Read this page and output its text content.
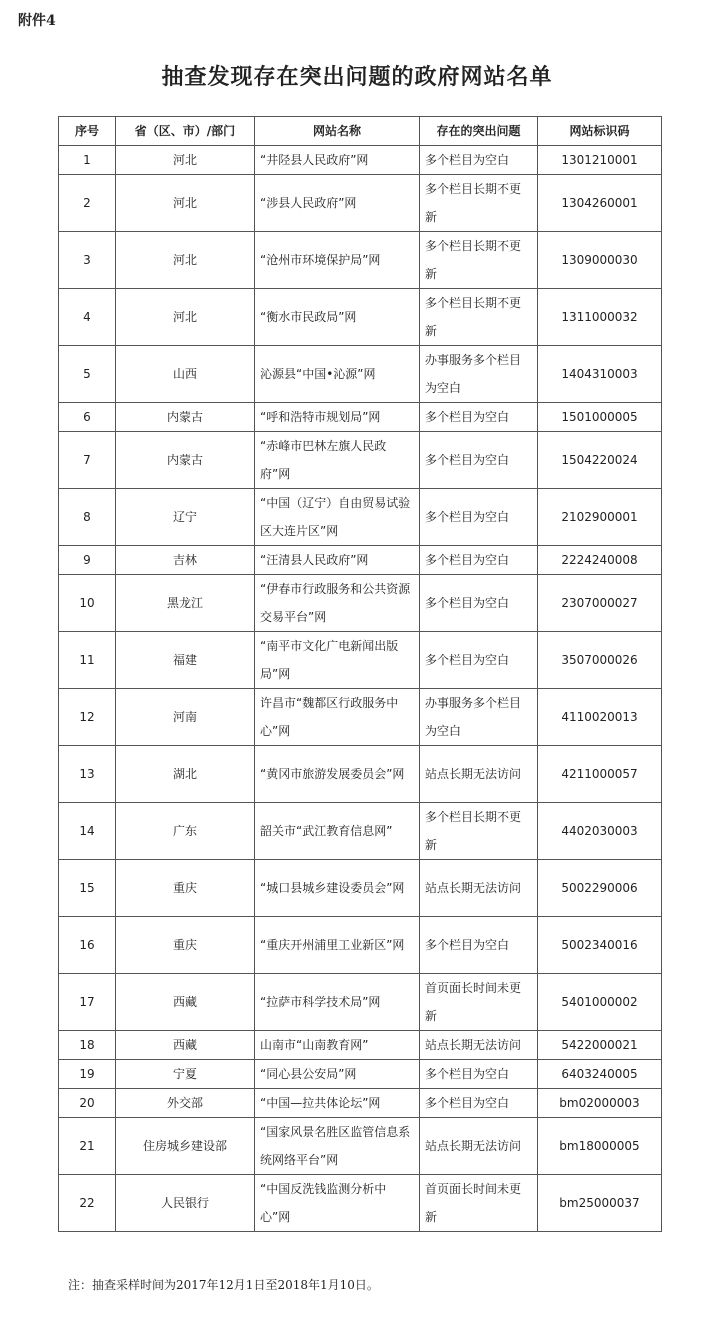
附件4
抽查发现存在突出问题的政府网站名单
序号	省（区、市）/部门	网站名称	存在的突出问题	网站标识码
1	河北	“井陉县人民政府”网	多个栏目为空白	1301210001
2	河北	“涉县人民政府”网	多个栏目长期不更新	1304260001
3	河北	“沧州市环境保护局”网	多个栏目长期不更新	1309000030
4	河北	“衡水市民政局”网	多个栏目长期不更新	1311000032
5	山西	沁源县“中国•沁源”网	办事服务多个栏目为空白	1404310003
6	内蒙古	“呼和浩特市规划局”网	多个栏目为空白	1501000005
7	内蒙古	“赤峰市巴林左旗人民政府”网	多个栏目为空白	1504220024
8	辽宁	“中国（辽宁）自由贸易试验区大连片区”网	多个栏目为空白	2102900001
9	吉林	“汪清县人民政府”网	多个栏目为空白	2224240008
10	黑龙江	“伊春市行政服务和公共资源交易平台”网	多个栏目为空白	2307000027
11	福建	“南平市文化广电新闻出版局”网	多个栏目为空白	3507000026
12	河南	许昌市“魏都区行政服务中心”网	办事服务多个栏目为空白	4110020013
13	湖北	“黄冈市旅游发展委员会”网	站点长期无法访问	4211000057
14	广东	韶关市“武江教育信息网”	多个栏目长期不更新	4402030003
15	重庆	“城口县城乡建设委员会”网	站点长期无法访问	5002290006
16	重庆	“重庆开州浦里工业新区”网	多个栏目为空白	5002340016
17	西藏	“拉萨市科学技术局”网	首页面长时间未更新	5401000002
18	西藏	山南市“山南教育网”	站点长期无法访问	5422000021
19	宁夏	“同心县公安局”网	多个栏目为空白	6403240005
20	外交部	“中国—拉共体论坛”网	多个栏目为空白	bm02000003
21	住房城乡建设部	“国家风景名胜区监管信息系统网络平台”网	站点长期无法访问	bm18000005
22	人民银行	“中国反洗钱监测分析中心”网	首页面长时间未更新	bm25000037
注：抽查采样时间为2017年12月1日至2018年1月10日。
